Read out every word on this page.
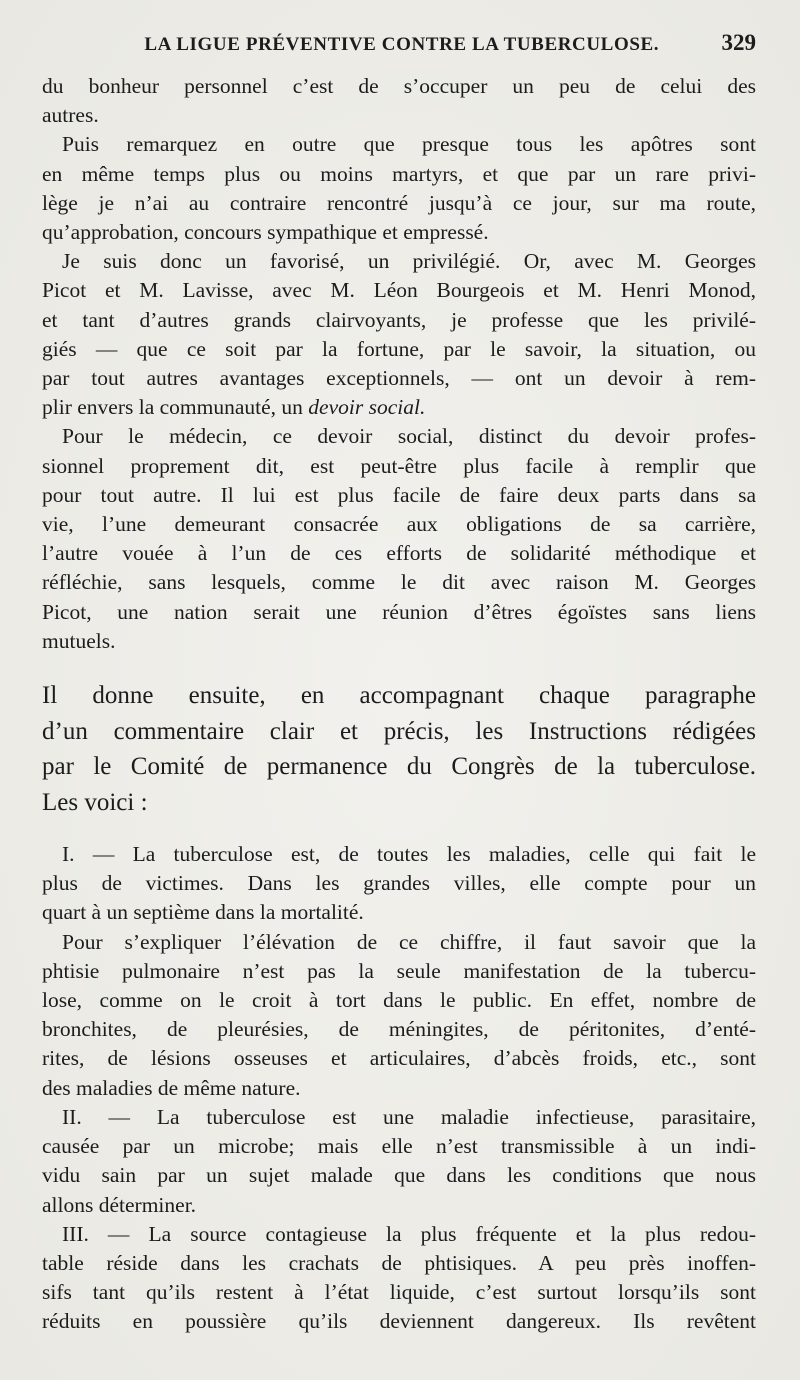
LA LIGUE PRÉVENTIVE CONTRE LA TUBERCULOSE.	329

du bonheur personnel c’est de s’occuper un peu de celui des
autres.

Puis remarquez en outre que presque tous les apôtres sont
en même temps plus ou moins martyrs, et que par un rare privi-
lège je n’ai au contraire rencontré jusqu’à ce jour, sur ma route,
qu’approbation, concours sympathique et empressé.

Je suis donc un favorisé, un privilégié. Or, avec M. Georges
Picot et M. Lavisse, avec M. Léon Bourgeois et M. Henri Monod,
et tant d’autres grands clairvoyants, je professe que les privilé-
giés — que ce soit par la fortune, par le savoir, la situation, ou
par tout autres avantages exceptionnels, — ont un devoir à rem-
plir envers la communauté, un devoir social.

Pour le médecin, ce devoir social, distinct du devoir profes-
sionnel proprement dit, est peut-être plus facile à remplir que
pour tout autre. Il lui est plus facile de faire deux parts dans sa
vie, l’une demeurant consacrée aux obligations de sa carrière,
l’autre vouée à l’un de ces efforts de solidarité méthodique et
réfléchie, sans lesquels, comme le dit avec raison M. Georges
Picot, une nation serait une réunion d’êtres égoïstes sans liens
mutuels.

Il donne ensuite, en accompagnant chaque paragraphe
d’un commentaire clair et précis, les Instructions rédigées
par le Comité de permanence du Congrès de la tuberculose.
Les voici :

I. — La tuberculose est, de toutes les maladies, celle qui fait le
plus de victimes. Dans les grandes villes, elle compte pour un
quart à un septième dans la mortalité.

Pour s’expliquer l’élévation de ce chiffre, il faut savoir que la
phtisie pulmonaire n’est pas la seule manifestation de la tubercu-
lose, comme on le croit à tort dans le public. En effet, nombre de
bronchites, de pleurésies, de méningites, de péritonites, d’enté-
rites, de lésions osseuses et articulaires, d’abcès froids, etc., sont
des maladies de même nature.

II. — La tuberculose est une maladie infectieuse, parasitaire,
causée par un microbe; mais elle n’est transmissible à un indi-
vidu sain par un sujet malade que dans les conditions que nous
allons déterminer.

III. — La source contagieuse la plus fréquente et la plus redou-
table réside dans les crachats de phtisiques. A peu près inoffen-
sifs tant qu’ils restent à l’état liquide, c’est surtout lorsqu’ils sont
réduits en poussière qu’ils deviennent dangereux. Ils revêtent
